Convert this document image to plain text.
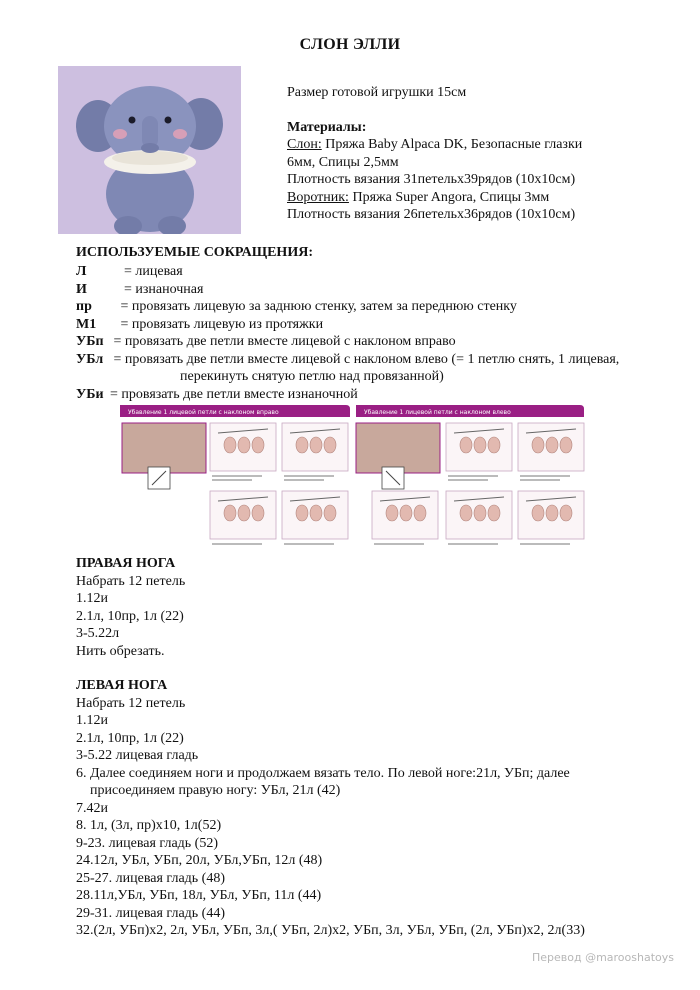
СЛОН ЭЛЛИ
Размер готовой игрушки 15см
Материалы:
Слон: Пряжа Baby Alpaca DK, Безопасные глазки
6мм, Спицы 2,5мм
Плотность вязания 31петельх39рядов (10х10см)
Воротник: Пряжа Super Angora, Спицы 3мм
Плотность вязания 26петельх36рядов (10х10см)
ИСПОЛЬЗУЕМЫЕ СОКРАЩЕНИЯ:
Л	= лицевая
И	= изнаночная
пр	= провязать лицевую за заднюю стенку, затем за переднюю стенку
М1 = провязать лицевую из протяжки
УБп = провязать две петли вместе лицевой с наклоном вправо
УБл = провязать две петли вместе лицевой с наклоном влево (= 1 петлю снять, 1 лицевая,
перекинуть снятую петлю над провязанной)
УБи = провязать две петли вместе изнаночной
Убавление 1 лицевой петли с наклоном вправо	Убавление 1 лицевой петли с наклоном влево
ПРАВАЯ НОГА
Набрать 12 петель
1.12и
2.1л, 10пр, 1л (22)
3-5.22л
Нить обрезать.
ЛЕВАЯ НОГА
Набрать 12 петель
1.12и
2.1л, 10пр, 1л (22)
3-5.22 лицевая гладь
6. Далее соединяем ноги и продолжаем вязать тело. По левой ноге:21л, УБп; далее
присоединяем правую ногу: УБл, 21л (42)
7.42и
8. 1л, (3л, пр)х10, 1л(52)
9-23. лицевая гладь (52)
24.12л, УБл, УБп, 20л, УБл,УБп, 12л (48)
25-27. лицевая гладь (48)
28.11л,УБл, УБп, 18л, УБл, УБп, 11л (44)
29-31. лицевая гладь (44)
32.(2л, УБп)х2, 2л, УБл, УБп, 3л,( УБп, 2л)х2, УБп, 3л, УБл, УБп, (2л, УБп)х2, 2л(33)
Перевод @marooshatoys
